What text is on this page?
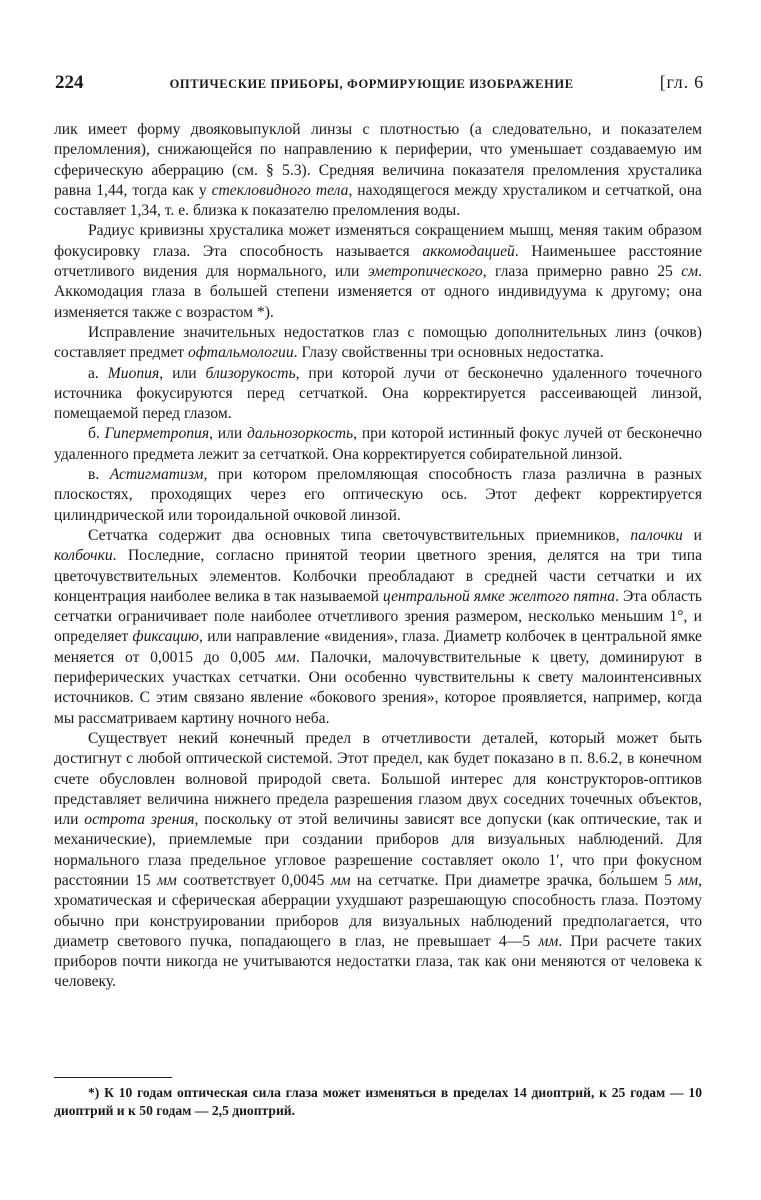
224	ОПТИЧЕСКИЕ ПРИБОРЫ, ФОРМИРУЮЩИЕ ИЗОБРАЖЕНИЕ	[гл. 6

лик имеет форму двояковыпуклой линзы с плотностью (а следовательно, и показателем преломления), снижающейся по направлению к периферии, что уменьшает создаваемую им сферическую аберрацию (см. § 5.3). Средняя величина показателя преломления хрусталика равна 1,44, тогда как у стекловидного тела, находящегося между хрусталиком и сетчаткой, она составляет 1,34, т. е. близка к показателю преломления воды.

Радиус кривизны хрусталика может изменяться сокращением мышц, меняя таким образом фокусировку глаза. Эта способность называется аккомодацией. Наименьшее расстояние отчетливого видения для нормального, или эметропического, глаза примерно равно 25 см. Аккомодация глаза в большей степени изменяется от одного индивидуума к другому; она изменяется также с возрастом *).

Исправление значительных недостатков глаз с помощью дополнительных линз (очков) составляет предмет офтальмологии. Глазу свойственны три основных недостатка.

а. Миопия, или близорукость, при которой лучи от бесконечно удаленного точечного источника фокусируются перед сетчаткой. Она корректируется рассеивающей линзой, помещаемой перед глазом.

б. Гиперметропия, или дальнозоркость, при которой истинный фокус лучей от бесконечно удаленного предмета лежит за сетчаткой. Она корректируется собирательной линзой.

в. Астигматизм, при котором преломляющая способность глаза различна в разных плоскостях, проходящих через его оптическую ось. Этот дефект корректируется цилиндрической или тороидальной очковой линзой.

Сетчатка содержит два основных типа светочувствительных приемников, палочки и колбочки. Последние, согласно принятой теории цветного зрения, делятся на три типа цветочувствительных элементов. Колбочки преобладают в средней части сетчатки и их концентрация наиболее велика в так называемой центральной ямке желтого пятна. Эта область сетчатки ограничивает поле наиболее отчетливого зрения размером, несколько меньшим 1°, и определяет фиксацию, или направление «видения», глаза. Диаметр колбочек в центральной ямке меняется от 0,0015 до 0,005 мм. Палочки, малочувствительные к цвету, доминируют в периферических участках сетчатки. Они особенно чувствительны к свету малоинтенсивных источников. С этим связано явление «бокового зрения», которое проявляется, например, когда мы рассматриваем картину ночного неба.

Существует некий конечный предел в отчетливости деталей, который может быть достигнут с любой оптической системой. Этот предел, как будет показано в п. 8.6.2, в конечном счете обусловлен волновой природой света. Большой интерес для конструкторов-оптиков представляет величина нижнего предела разрешения глазом двух соседних точечных объектов, или острота зрения, поскольку от этой величины зависят все допуски (как оптические, так и механические), приемлемые при создании приборов для визуальных наблюдений. Для нормального глаза предельное угловое разрешение составляет около 1′, что при фокусном расстоянии 15 мм соответствует 0,0045 мм на сетчатке. При диаметре зрачка, бо́льшем 5 мм, хроматическая и сферическая аберрации ухудшают разрешающую способность глаза. Поэтому обычно при конструировании приборов для визуальных наблюдений предполагается, что диаметр светового пучка, попадающего в глаз, не превышает 4—5 мм. При расчете таких приборов почти никогда не учитываются недостатки глаза, так как они меняются от человека к человеку.

*) К 10 годам оптическая сила глаза может изменяться в пределах 14 диоптрий, к 25 годам — 10 диоптрий и к 50 годам — 2,5 диоптрий.
